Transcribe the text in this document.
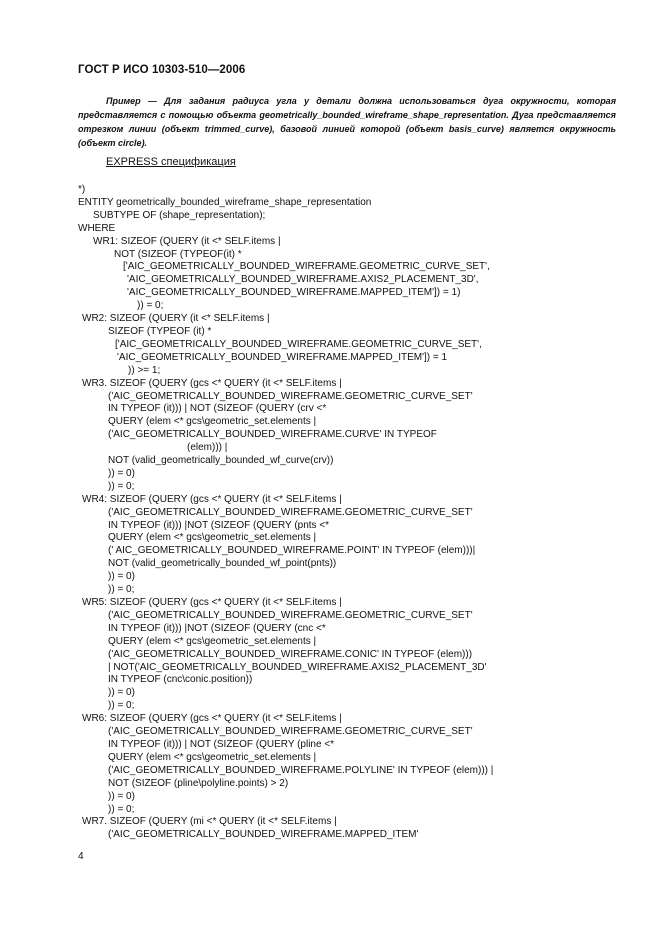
ГОСТ Р ИСО 10303-510—2006
Пример — Для задания радиуса угла у детали должна использоваться дуга окружности, которая представляется с помощью объекта geometrically_bounded_wireframe_shape_representation. Дуга представляется отрезком линии (объект trimmed_curve), базовой линией которой (объект basis_curve) является окружность (объект circle).
EXPRESS спецификация
*)
ENTITY geometrically_bounded_wireframe_shape_representation
SUBTYPE OF (shape_representation);
WHERE
WR1: SIZEOF (QUERY (it <* SELF.items |
NOT (SIZEOF (TYPEOF(it) *
['AIC_GEOMETRICALLY_BOUNDED_WIREFRAME.GEOMETRIC_CURVE_SET',
'AIC_GEOMETRICALLY_BOUNDED_WIREFRAME.AXIS2_PLACEMENT_3D',
'AIC_GEOMETRICALLY_BOUNDED_WIREFRAME.MAPPED_ITEM']) = 1)
)) = 0;
WR2: SIZEOF (QUERY (it <* SELF.items |
SIZEOF (TYPEOF (it) *
['AIC_GEOMETRICALLY_BOUNDED_WIREFRAME.GEOMETRIC_CURVE_SET',
'AIC_GEOMETRICALLY_BOUNDED_WIREFRAME.MAPPED_ITEM']) = 1
)) >= 1;
WR3. SIZEOF (QUERY (gcs <* QUERY (it <* SELF.items |
('AIC_GEOMETRICALLY_BOUNDED_WIREFRAME.GEOMETRIC_CURVE_SET'
IN TYPEOF (it))) | NOT (SIZEOF (QUERY (crv <*
QUERY (elem <* gcs\geometric_set.elements |
('AIC_GEOMETRICALLY_BOUNDED_WIREFRAME.CURVE' IN TYPEOF
(elem))) |
NOT (valid_geometrically_bounded_wf_curve(crv))
)) = 0)
)) = 0;
WR4: SIZEOF (QUERY (gcs <* QUERY (it <* SELF.items |
('AIC_GEOMETRICALLY_BOUNDED_WIREFRAME.GEOMETRIC_CURVE_SET'
IN TYPEOF (it))) |NOT (SIZEOF (QUERY (pnts <*
QUERY (elem <* gcs\geometric_set.elements |
(' AIC_GEOMETRICALLY_BOUNDED_WIREFRAME.POINT' IN TYPEOF (elem)))|
NOT (valid_geometrically_bounded_wf_point(pnts))
)) = 0)
)) = 0;
WR5: SIZEOF (QUERY (gcs <* QUERY (it <* SELF.items |
('AIC_GEOMETRICALLY_BOUNDED_WIREFRAME.GEOMETRIC_CURVE_SET'
IN TYPEOF (it))) |NOT (SIZEOF (QUERY (cnc <*
QUERY (elem <* gcs\geometric_set.elements |
('AIC_GEOMETRICALLY_BOUNDED_WIREFRAME.CONIC' IN TYPEOF (elem)))
| NOT('AIC_GEOMETRICALLY_BOUNDED_WIREFRAME.AXIS2_PLACEMENT_3D'
IN TYPEOF (cnc\conic.position))
)) = 0)
)) = 0;
WR6: SIZEOF (QUERY (gcs <* QUERY (it <* SELF.items |
('AIC_GEOMETRICALLY_BOUNDED_WIREFRAME.GEOMETRIC_CURVE_SET'
IN TYPEOF (it))) | NOT (SIZEOF (QUERY (pline <*
QUERY (elem <* gcs\geometric_set.elements |
('AIC_GEOMETRICALLY_BOUNDED_WIREFRAME.POLYLINE' IN TYPEOF (elem))) |
NOT (SIZEOF (pline\polyline.points) > 2)
)) = 0)
)) = 0;
WR7. SIZEOF (QUERY (mi <* QUERY (it <* SELF.items |
('AIC_GEOMETRICALLY_BOUNDED_WIREFRAME.MAPPED_ITEM'
4
